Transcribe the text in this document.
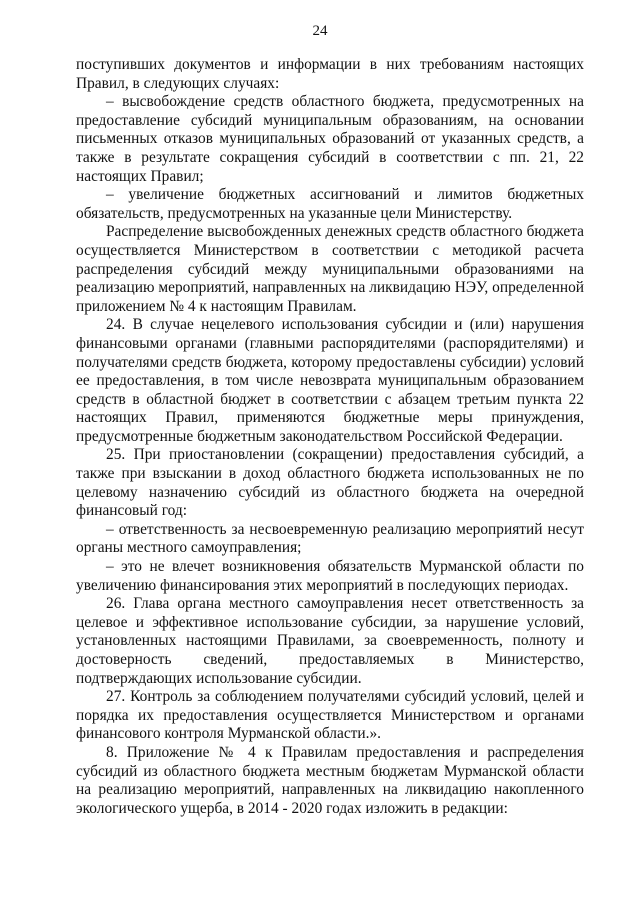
24

поступивших документов и информации в них требованиям настоящих Правил, в следующих случаях:

– высвобождение средств областного бюджета, предусмотренных на предоставление субсидий муниципальным образованиям, на основании письменных отказов муниципальных образований от указанных средств, а также в результате сокращения субсидий в соответствии с пп. 21, 22 настоящих Правил;

– увеличение бюджетных ассигнований и лимитов бюджетных обязательств, предусмотренных на указанные цели Министерству.

Распределение высвобожденных денежных средств областного бюджета осуществляется Министерством в соответствии с методикой расчета распределения субсидий между муниципальными образованиями на реализацию мероприятий, направленных на ликвидацию НЭУ, определенной приложением № 4 к настоящим Правилам.

24. В случае нецелевого использования субсидии и (или) нарушения финансовыми органами (главными распорядителями (распорядителями) и получателями средств бюджета, которому предоставлены субсидии) условий ее предоставления, в том числе невозврата муниципальным образованием средств в областной бюджет в соответствии с абзацем третьим пункта 22 настоящих Правил, применяются бюджетные меры принуждения, предусмотренные бюджетным законодательством Российской Федерации.

25. При приостановлении (сокращении) предоставления субсидий, а также при взыскании в доход областного бюджета использованных не по целевому назначению субсидий из областного бюджета на очередной финансовый год:

– ответственность за несвоевременную реализацию мероприятий несут органы местного самоуправления;

– это не влечет возникновения обязательств Мурманской области по увеличению финансирования этих мероприятий в последующих периодах.

26. Глава органа местного самоуправления несет ответственность за целевое и эффективное использование субсидии, за нарушение условий, установленных настоящими Правилами, за своевременность, полноту и достоверность сведений, предоставляемых в Министерство, подтверждающих использование субсидии.

27. Контроль за соблюдением получателями субсидий условий, целей и порядка их предоставления осуществляется Министерством и органами финансового контроля Мурманской области.».

8. Приложение № 4 к Правилам предоставления и распределения субсидий из областного бюджета местным бюджетам Мурманской области на реализацию мероприятий, направленных на ликвидацию накопленного экологического ущерба, в 2014 - 2020 годах изложить в редакции:
